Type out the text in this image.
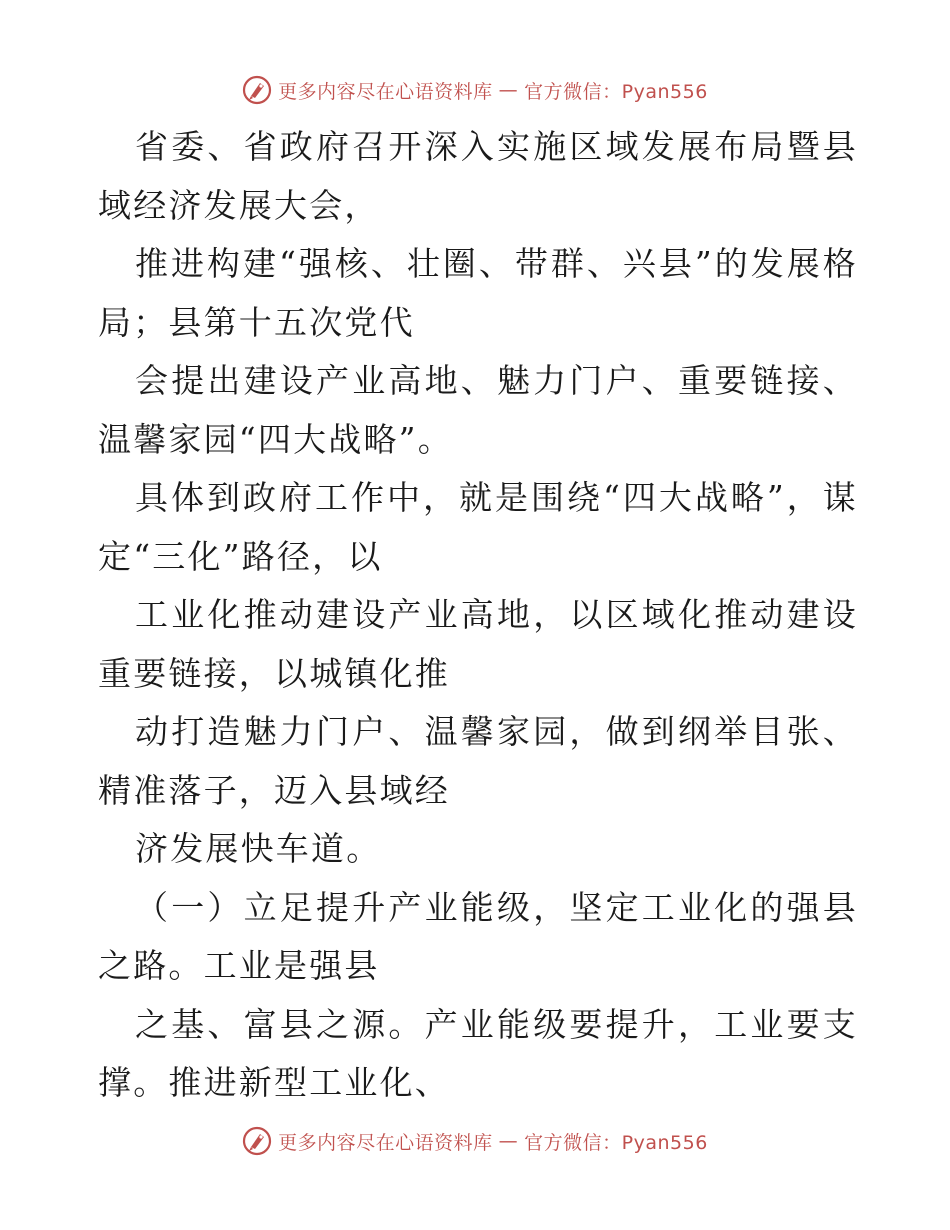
更多内容尽在心语资料库 — 官方微信：Pyan556

省委、省政府召开深入实施区域发展布局暨县域经济发展大会，

推进构建“强核、壮圈、带群、兴县”的发展格局；县第十五次党代

会提出建设产业高地、魅力门户、重要链接、温馨家园“四大战略”。

具体到政府工作中，就是围绕“四大战略”，谋定“三化”路径，以

工业化推动建设产业高地，以区域化推动建设重要链接，以城镇化推

动打造魅力门户、温馨家园，做到纲举目张、精准落子，迈入县域经

济发展快车道。

（一）立足提升产业能级，坚定工业化的强县之路。工业是强县

之基、富县之源。产业能级要提升，工业要支撑。推进新型工业化、

更多内容尽在心语资料库 — 官方微信：Pyan556
